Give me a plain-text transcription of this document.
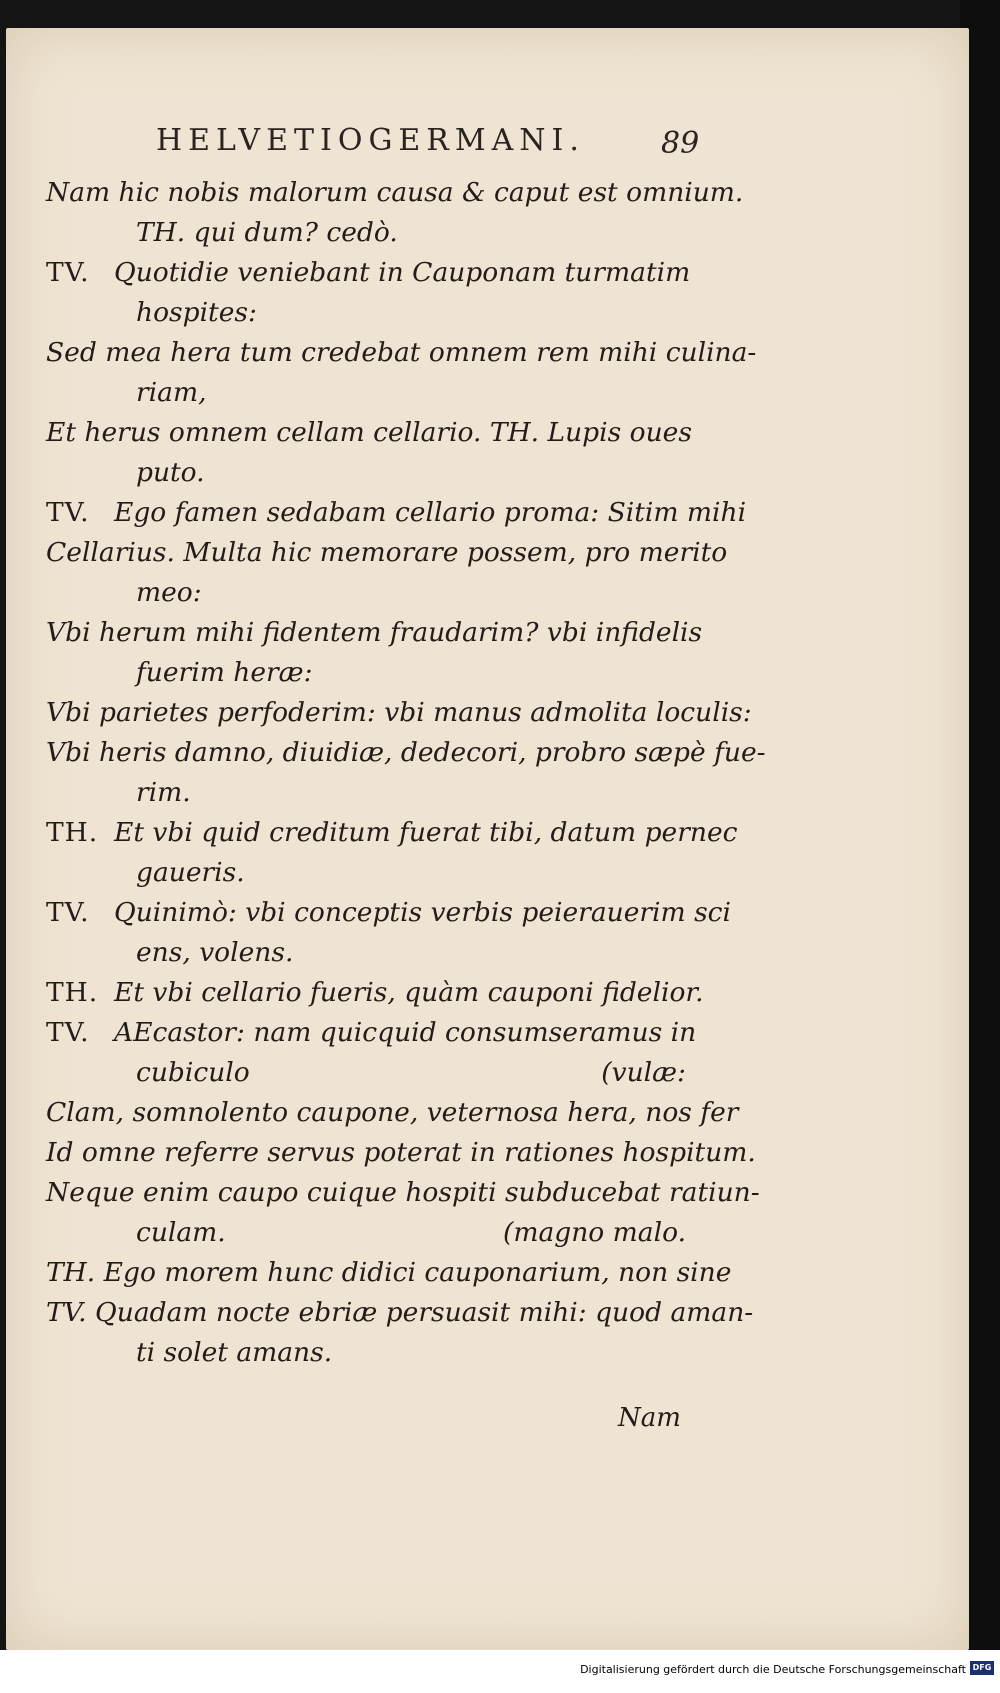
HELVETIOGERMANI.	89
Nam hic nobis malorum causa & caput est omnium.
TH. qui dum? cedò.
TV. Quotidie veniebant in Cauponam turmatim
hospites:
Sed mea hera tum credebat omnem rem mihi culina-
riam,
Et herus omnem cellam cellario. TH. Lupis oues
puto.
TV. Ego famen sedabam cellario proma: Sitim mihi
Cellarius. Multa hic memorare possem, pro merito
meo:
Vbi herum mihi fidentem fraudarim? vbi infidelis
fuerim heræ:
Vbi parietes perfoderim: vbi manus admolita loculis:
Vbi heris damno, diuidiæ, dedecori, probro sæpè fue-
rim.
TH. Et vbi quid creditum fuerat tibi, datum pernec
gaueris.
TV. Quinimò: vbi conceptis verbis peierauerim sci
ens, volens.
TH. Et vbi cellario fueris, quàm cauponi fidelior.
TV. AEcastor: nam quicquid consumseramus in
cubiculo	(vulæ:
Clam, somnolento caupone, veternosa hera, nos fer
Id omne referre servus poterat in rationes hospitum.
Neque enim caupo cuique hospiti subducebat ratiun-
culam.	(magno malo.
TH. Ego morem hunc didici cauponarium, non sine
TV. Quadam nocte ebriæ persuasit mihi: quod aman-
ti solet amans.
Nam
Digitalisierung gefördert durch die Deutsche Forschungsgemeinschaft DFG
